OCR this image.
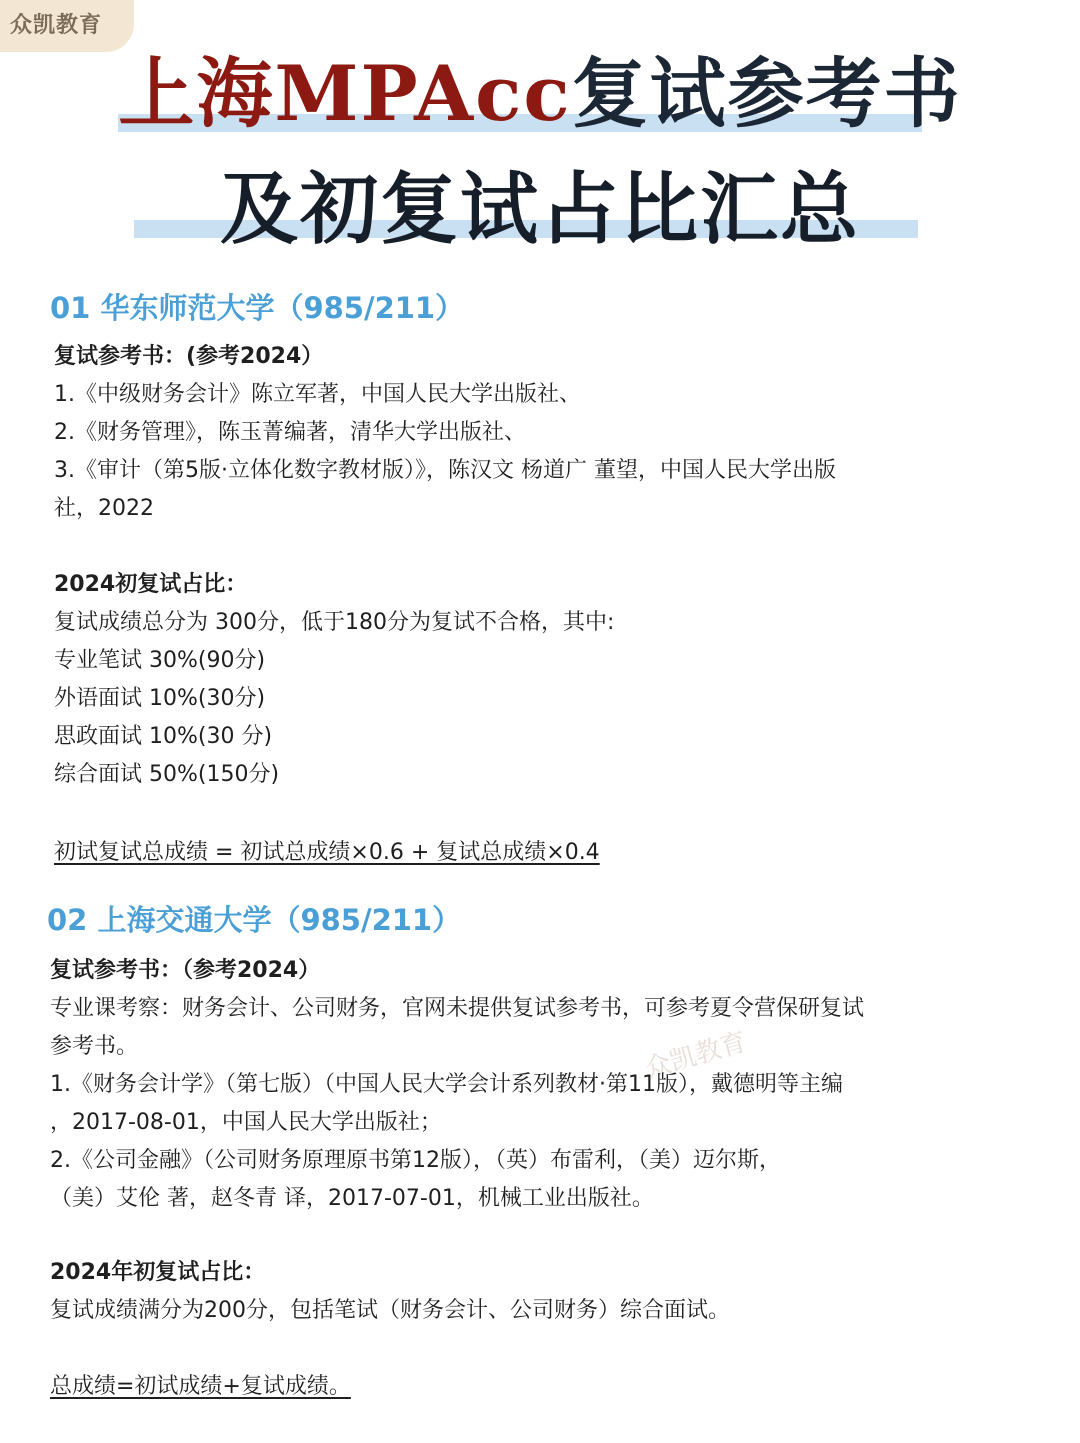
众凯教育
上海MPAcc复试参考书
及初复试占比汇总
01 华东师范大学（985/211）
复试参考书：(参考2024）
1.《中级财务会计》陈立军著，中国人民大学出版社、
2.《财务管理》，陈玉菁编著，清华大学出版社、
3.《审计（第5版·立体化数字教材版）》，陈汉文 杨道广 董望，中国人民大学出版
社，2022
2024初复试占比：
复试成绩总分为 300分，低于180分为复试不合格，其中:
专业笔试 30%(90分)
外语面试 10%(30分)
思政面试 10%(30 分)
综合面试 50%(150分)
初试复试总成绩 = 初试总成绩×0.6 + 复试总成绩×0.4
02 上海交通大学（985/211）
复试参考书：（参考2024）
专业课考察：财务会计、公司财务，官网未提供复试参考书，可参考夏令营保研复试
参考书。
1.《财务会计学》（第七版）（中国人民大学会计系列教材·第11版），戴德明等主编
，2017-08-01，中国人民大学出版社；
2.《公司金融》（公司财务原理原书第12版），（英）布雷利，（美）迈尔斯，
（美）艾伦 著，赵冬青 译，2017-07-01，机械工业出版社。
2024年初复试占比：
复试成绩满分为200分，包括笔试（财务会计、公司财务）综合面试。
总成绩=初试成绩+复试成绩。
众凯教育
